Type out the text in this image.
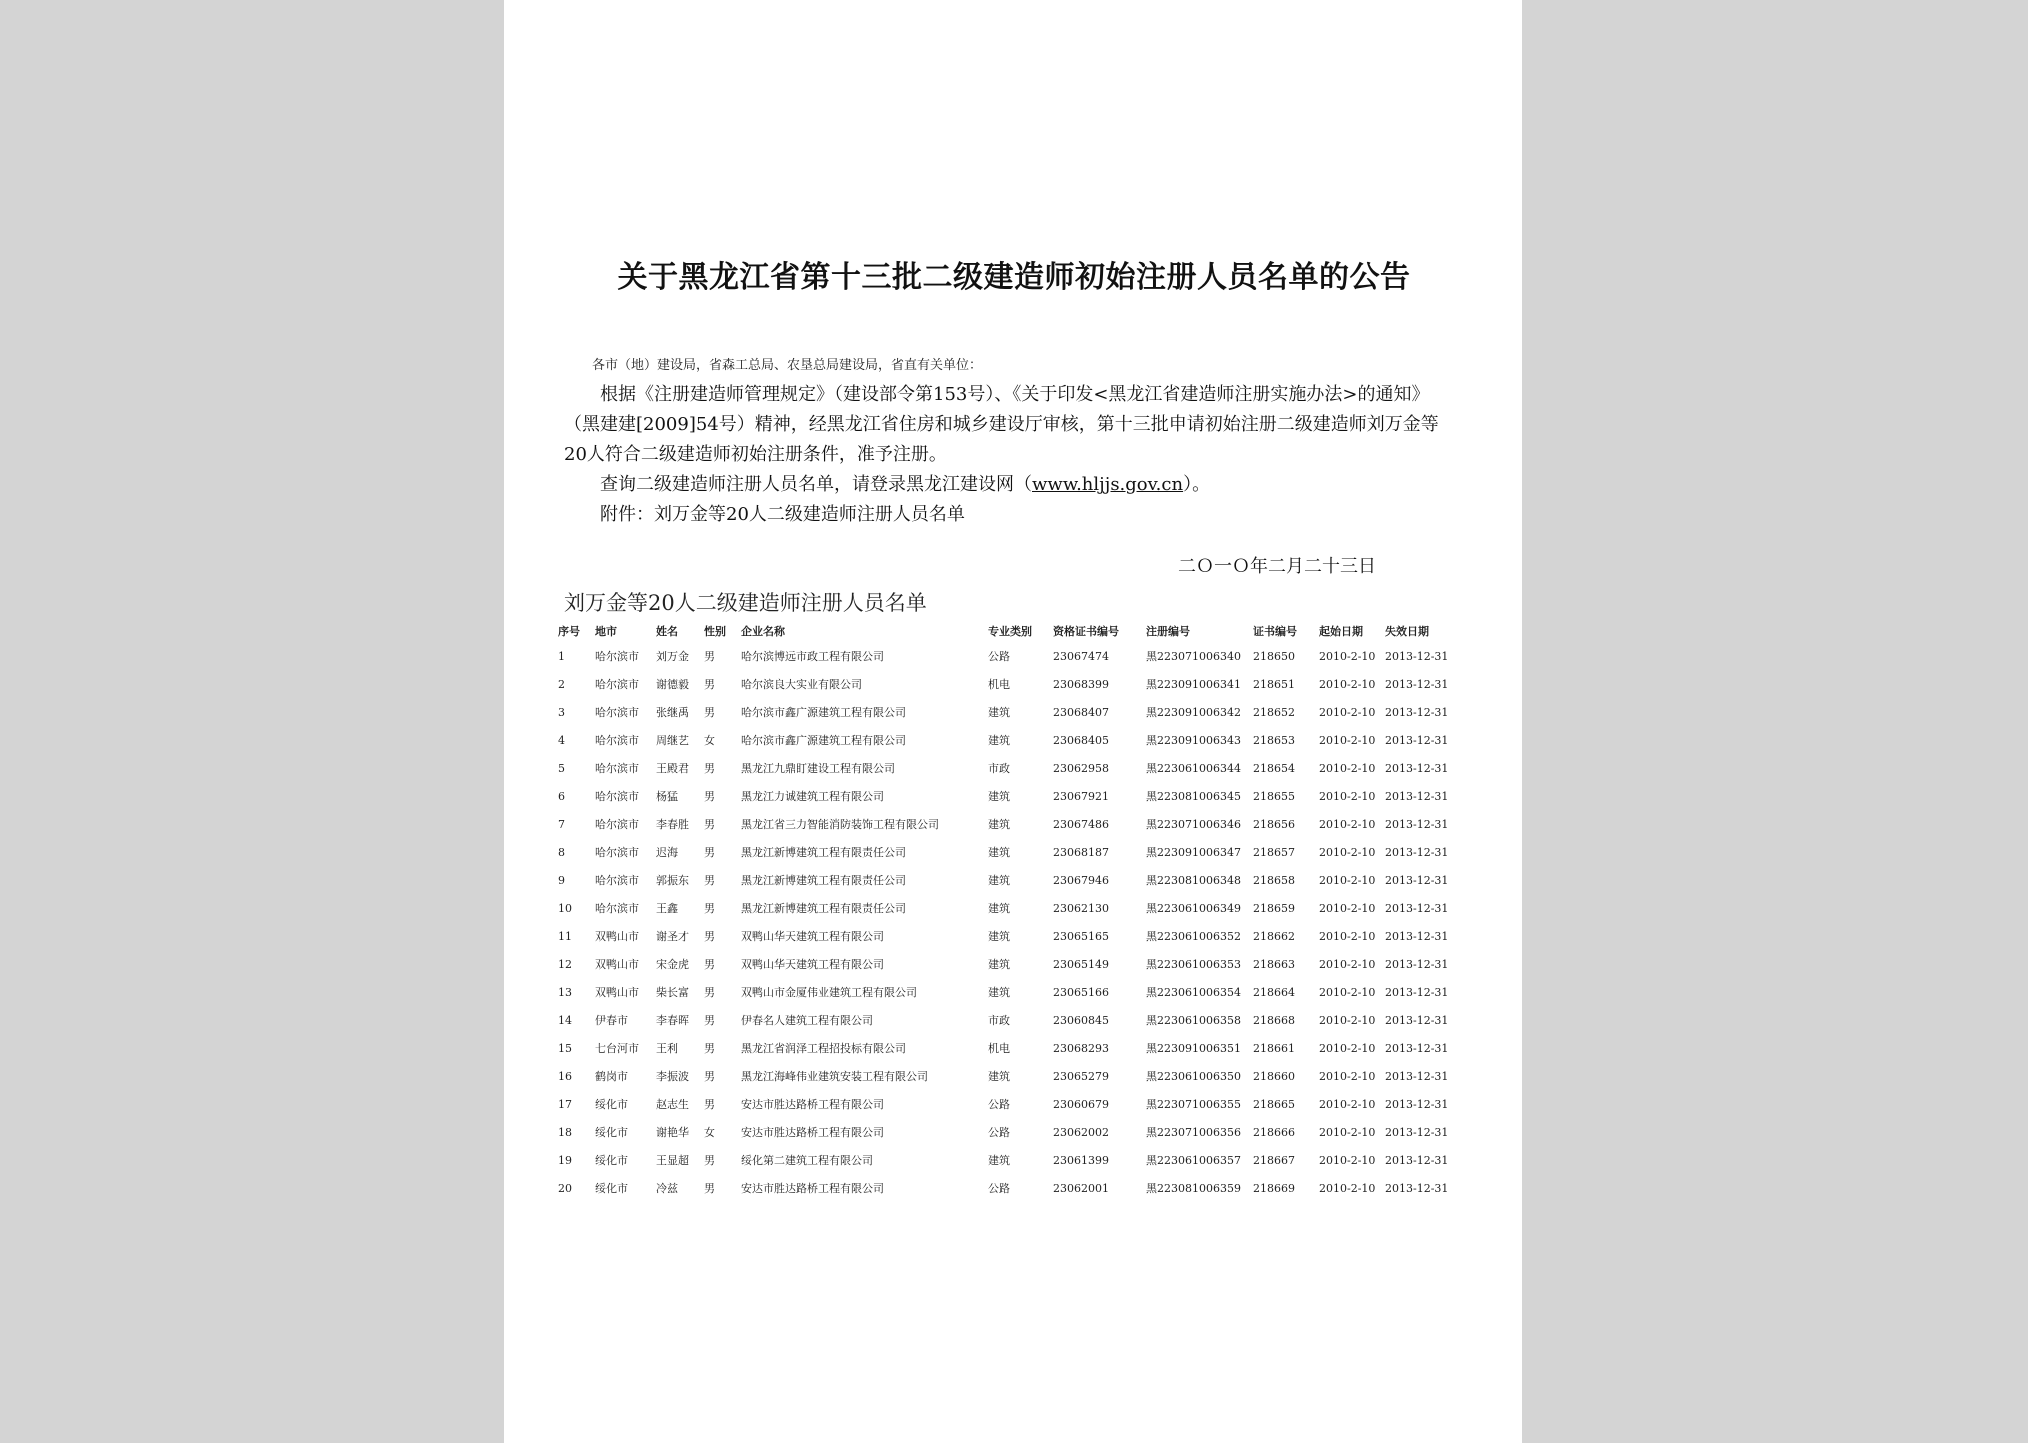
关于黑龙江省第十三批二级建造师初始注册人员名单的公告
各市（地）建设局，省森工总局、农垦总局建设局，省直有关单位：

根据《注册建造师管理规定》（建设部令第153号）、《关于印发<黑龙江省建造师注册实施办法>的通知》（黑建建[2009]54号）精神，经黑龙江省住房和城乡建设厅审核，第十三批申请初始注册二级建造师刘万金等20人符合二级建造师初始注册条件，准予注册。

查询二级建造师注册人员名单，请登录黑龙江建设网（www.hljjs.gov.cn）。

附件：刘万金等20人二级建造师注册人员名单

二Ｏ一Ｏ年二月二十三日
刘万金等20人二级建造师注册人员名单
序号	地市	姓名	性别	企业名称	专业类别	资格证书编号	注册编号	证书编号	起始日期	失效日期
1	哈尔滨市	刘万金	男	哈尔滨博远市政工程有限公司	公路	23067474	黑223071006340	218650	2010-2-10	2013-12-31
2	哈尔滨市	谢德毅	男	哈尔滨良大实业有限公司	机电	23068399	黑223091006341	218651	2010-2-10	2013-12-31
3	哈尔滨市	张继禹	男	哈尔滨市鑫广源建筑工程有限公司	建筑	23068407	黑223091006342	218652	2010-2-10	2013-12-31
4	哈尔滨市	周继艺	女	哈尔滨市鑫广源建筑工程有限公司	建筑	23068405	黑223091006343	218653	2010-2-10	2013-12-31
5	哈尔滨市	王殿君	男	黑龙江九鼎盯建设工程有限公司	市政	23062958	黑223061006344	218654	2010-2-10	2013-12-31
6	哈尔滨市	杨猛	男	黑龙江力诚建筑工程有限公司	建筑	23067921	黑223081006345	218655	2010-2-10	2013-12-31
7	哈尔滨市	李春胜	男	黑龙江省三力智能消防装饰工程有限公司	建筑	23067486	黑223071006346	218656	2010-2-10	2013-12-31
8	哈尔滨市	迟海	男	黑龙江新博建筑工程有限责任公司	建筑	23068187	黑223091006347	218657	2010-2-10	2013-12-31
9	哈尔滨市	郭振东	男	黑龙江新博建筑工程有限责任公司	建筑	23067946	黑223081006348	218658	2010-2-10	2013-12-31
10	哈尔滨市	王鑫	男	黑龙江新博建筑工程有限责任公司	建筑	23062130	黑223061006349	218659	2010-2-10	2013-12-31
11	双鸭山市	谢圣才	男	双鸭山华天建筑工程有限公司	建筑	23065165	黑223061006352	218662	2010-2-10	2013-12-31
12	双鸭山市	宋金虎	男	双鸭山华天建筑工程有限公司	建筑	23065149	黑223061006353	218663	2010-2-10	2013-12-31
13	双鸭山市	柴长富	男	双鸭山市金厦伟业建筑工程有限公司	建筑	23065166	黑223061006354	218664	2010-2-10	2013-12-31
14	伊春市	李春晖	男	伊春名人建筑工程有限公司	市政	23060845	黑223061006358	218668	2010-2-10	2013-12-31
15	七台河市	王利	男	黑龙江省润泽工程招投标有限公司	机电	23068293	黑223091006351	218661	2010-2-10	2013-12-31
16	鹤岗市	李振波	男	黑龙江海峰伟业建筑安装工程有限公司	建筑	23065279	黑223061006350	218660	2010-2-10	2013-12-31
17	绥化市	赵志生	男	安达市胜达路桥工程有限公司	公路	23060679	黑223071006355	218665	2010-2-10	2013-12-31
18	绥化市	谢艳华	女	安达市胜达路桥工程有限公司	公路	23062002	黑223071006356	218666	2010-2-10	2013-12-31
19	绥化市	王显超	男	绥化第二建筑工程有限公司	建筑	23061399	黑223061006357	218667	2010-2-10	2013-12-31
20	绥化市	冷兹	男	安达市胜达路桥工程有限公司	公路	23062001	黑223081006359	218669	2010-2-10	2013-12-31
